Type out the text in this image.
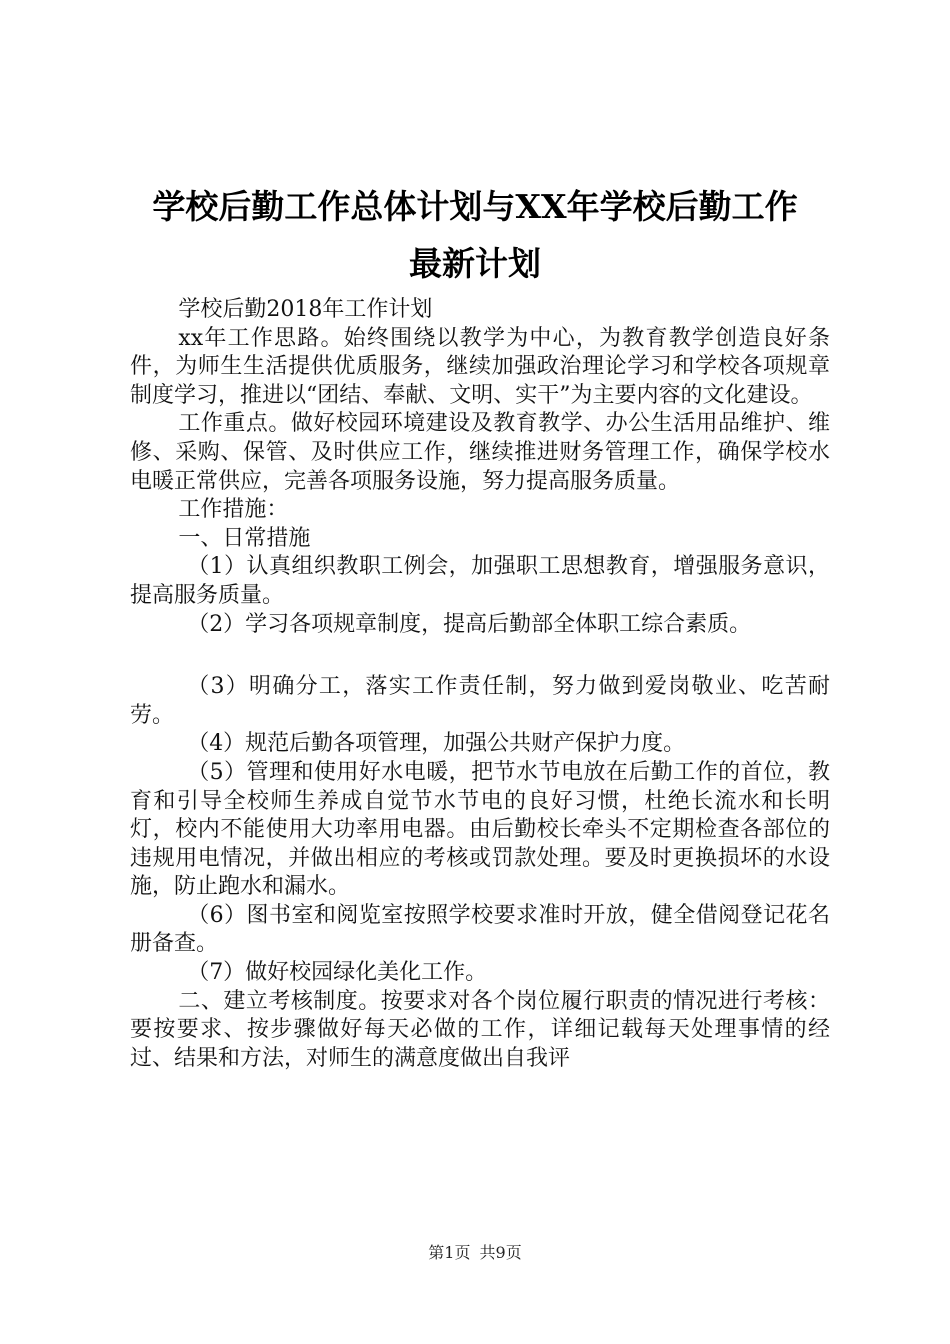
学校后勤工作总体计划与XX年学校后勤工作
最新计划

学校后勤2018年工作计划

xx年工作思路。始终围绕以教学为中心，为教育教学创造良好条件，为师生生活提供优质服务，继续加强政治理论学习和学校各项规章制度学习，推进以“团结、奉献、文明、实干”为主要内容的文化建设。

工作重点。做好校园环境建设及教育教学、办公生活用品维护、维修、采购、保管、及时供应工作，继续推进财务管理工作，确保学校水电暖正常供应，完善各项服务设施，努力提高服务质量。

工作措施：

一、日常措施

（1）认真组织教职工例会，加强职工思想教育，增强服务意识，提高服务质量。

（2）学习各项规章制度，提高后勤部全体职工综合素质。

（3）明确分工，落实工作责任制，努力做到爱岗敬业、吃苦耐劳。

（4）规范后勤各项管理，加强公共财产保护力度。

（5）管理和使用好水电暖，把节水节电放在后勤工作的首位，教育和引导全校师生养成自觉节水节电的良好习惯，杜绝长流水和长明灯，校内不能使用大功率用电器。由后勤校长牵头不定期检查各部位的违规用电情况，并做出相应的考核或罚款处理。要及时更换损坏的水设施，防止跑水和漏水。

（6）图书室和阅览室按照学校要求准时开放，健全借阅登记花名册备查。

（7）做好校园绿化美化工作。

二、建立考核制度。按要求对各个岗位履行职责的情况进行考核：要按要求、按步骤做好每天必做的工作，详细记载每天处理事情的经过、结果和方法，对师生的满意度做出自我评

第1页 共9页
